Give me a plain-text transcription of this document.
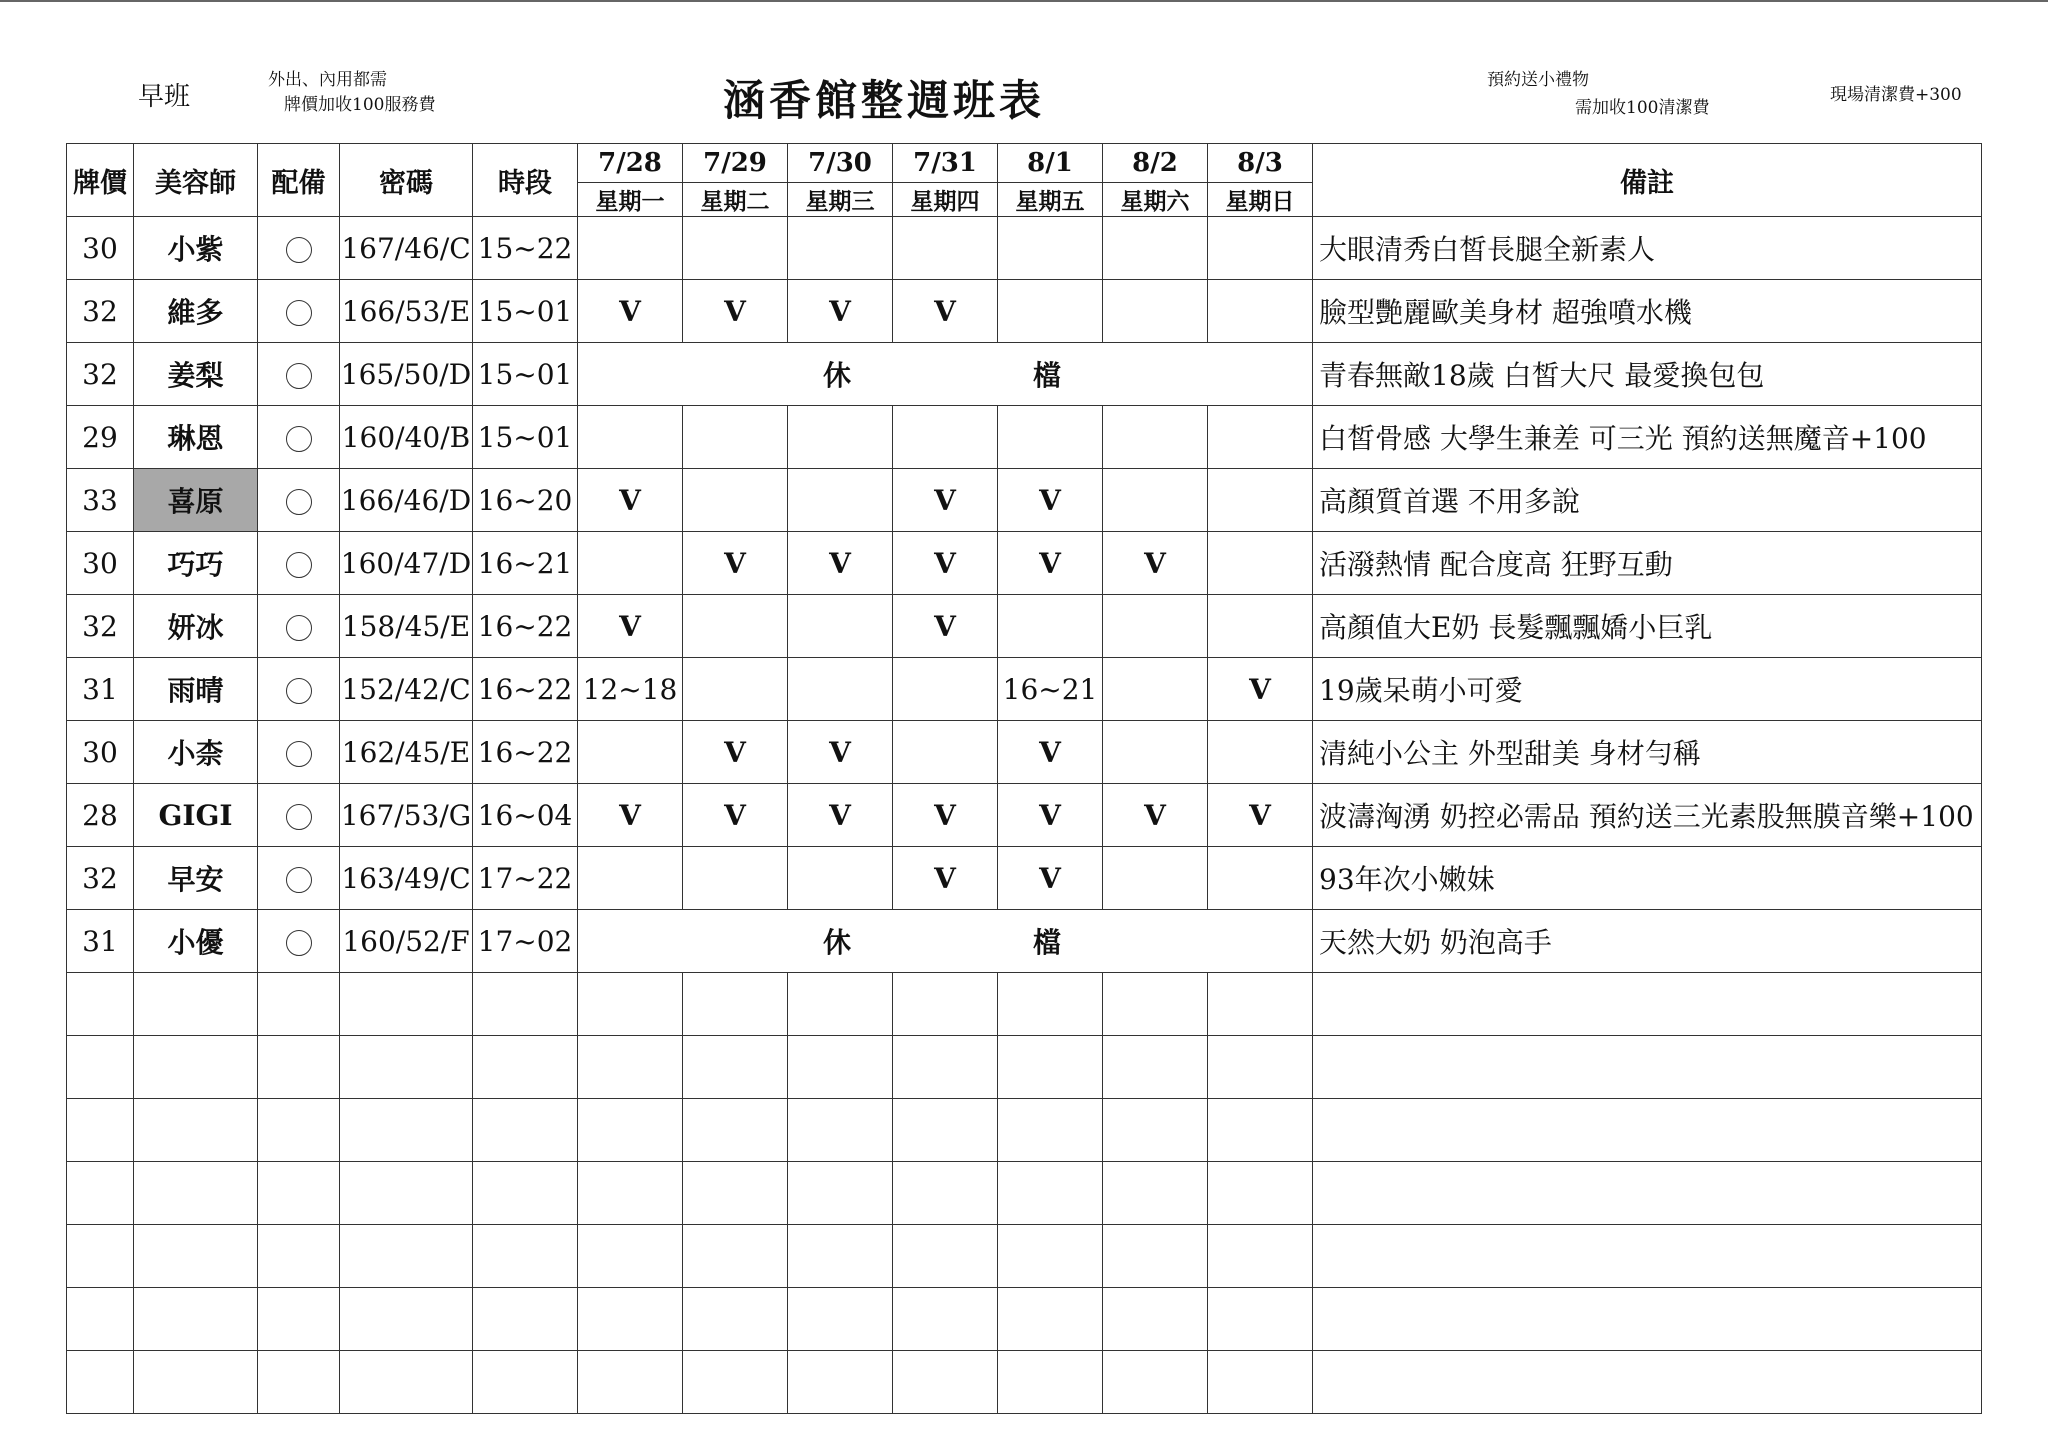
早班
外出、內用都需
牌價加收100服務費	涵香館整週班表	預約送小禮物
需加收100清潔費
現場清潔費+300
牌價	美容師	配備	密碼	時段	7/28	7/29	7/30	7/31	8/1	8/2	8/3	備註
					星期一	星期二	星期三	星期四	星期五	星期六	星期日	
30	小紫		167/46/C	15~22								大眼清秀白皙長腿全新素人
32	維多		166/53/E	15~01	V	V	V	V				臉型艷麗歐美身材 超強噴水機
32	姜梨		165/50/D	15~01	休 檔							青春無敵18歲 白皙大尺 最愛換包包
29	琳恩		160/40/B	15~01								白皙骨感 大學生兼差 可三光 預約送無魔音+100
33	喜原		166/46/D	16~20	V			V	V			高顏質首選 不用多說
30	巧巧		160/47/D	16~21		V	V	V	V	V		活潑熱情 配合度高 狂野互動
32	妍冰		158/45/E	16~22	V			V				高顏值大E奶 長髮飄飄嬌小巨乳
31	雨晴		152/42/C	16~22	12~18				16~21		V	19歲呆萌小可愛
30	小柰		162/45/E	16~22		V	V		V			清純小公主 外型甜美 身材勻稱
28	GIGI		167/53/G	16~04	V	V	V	V	V	V	V	波濤洶湧 奶控必需品 預約送三光素股無膜音樂+100
32	早安		163/49/C	17~22				V	V			93年次小嫩妹
31	小優		160/52/F	17~02	休 檔							天然大奶 奶泡高手
